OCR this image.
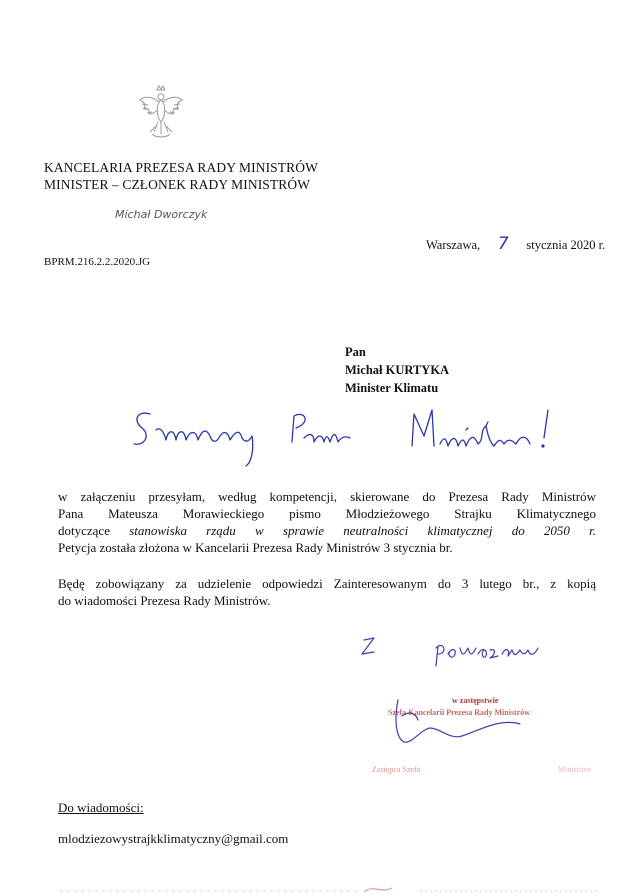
KANCELARIA PREZESA RADY MINISTRÓW
MINISTER – CZŁONEK RADY MINISTRÓW
Michał Dworczyk
Warszawa, 7 stycznia 2020 r.
BPRM.216.2.2.2020.JG
Pan
Michał KURTYKA
Minister Klimatu
w załączeniu przesyłam, według kompetencji, skierowane do Prezesa Rady Ministrów
Pana Mateusza Morawieckiego pismo Młodzieżowego Strajku Klimatycznego
dotyczące stanowiska rządu w sprawie neutralności klimatycznej do 2050 r.
Petycja została złożona w Kancelarii Prezesa Rady Ministrów 3 stycznia br.
Będę zobowiązany za udzielenie odpowiedzi Zainteresowanym do 3 lutego br., z kopią
do wiadomości Prezesa Rady Ministrów.
w zastępstwie
Szefa Kancelarii Prezesa Rady Ministrów
Zastępca Szefa	Ministrów
Do wiadomości:
mlodziezowystrajkklimatyczny@gmail.com
